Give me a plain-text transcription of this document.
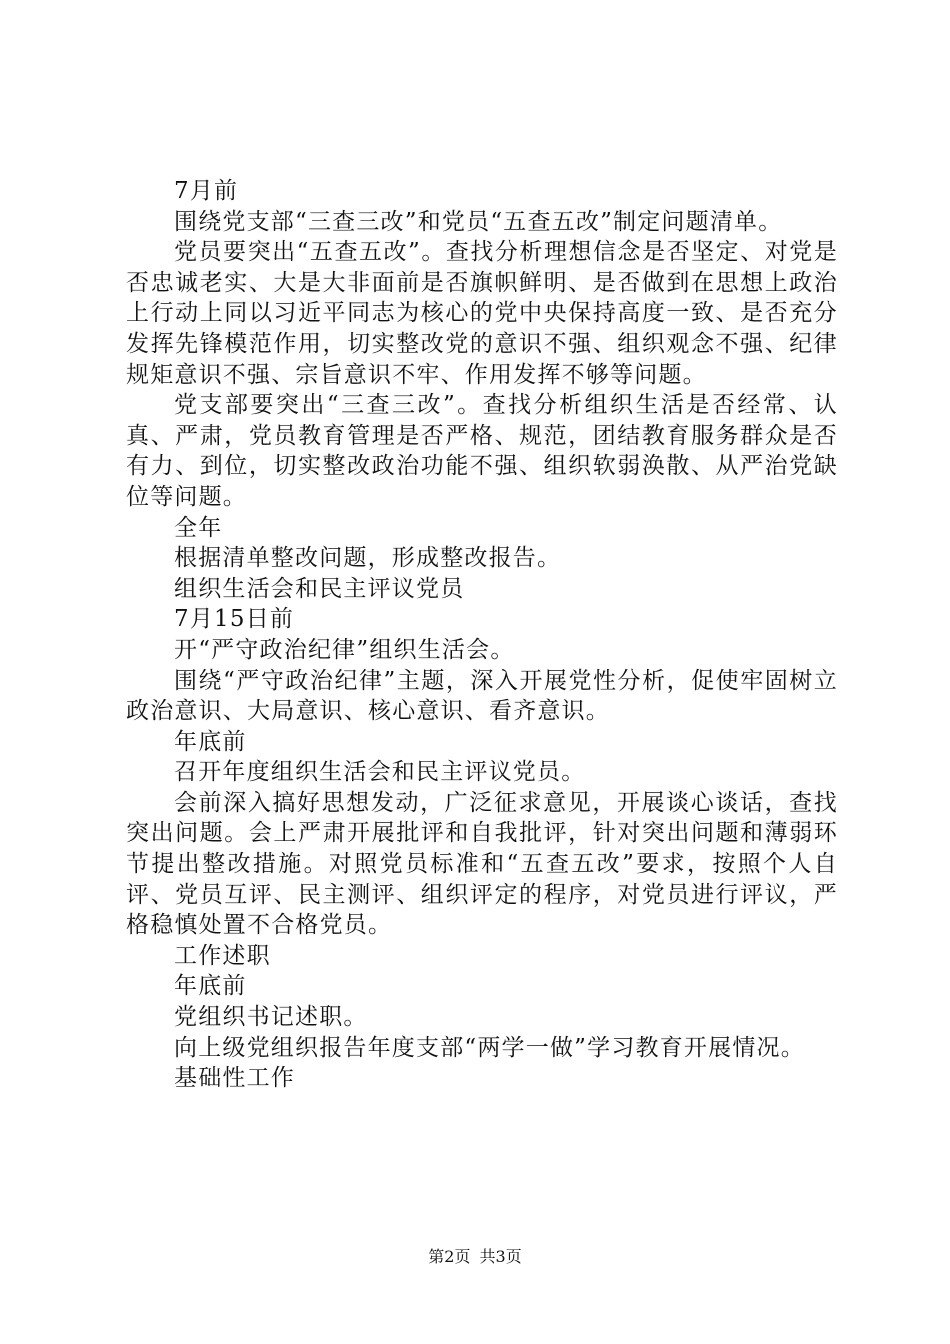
7月前

围绕党支部“三查三改”和党员“五查五改”制定问题清单。

党员要突出“五查五改”。查找分析理想信念是否坚定、对党是否忠诚老实、大是大非面前是否旗帜鲜明、是否做到在思想上政治上行动上同以习近平同志为核心的党中央保持高度一致、是否充分发挥先锋模范作用，切实整改党的意识不强、组织观念不强、纪律规矩意识不强、宗旨意识不牢、作用发挥不够等问题。

党支部要突出“三查三改”。查找分析组织生活是否经常、认真、严肃，党员教育管理是否严格、规范，团结教育服务群众是否有力、到位，切实整改政治功能不强、组织软弱涣散、从严治党缺位等问题。

全年

根据清单整改问题，形成整改报告。

组织生活会和民主评议党员

7月15日前

开“严守政治纪律”组织生活会。

围绕“严守政治纪律”主题，深入开展党性分析，促使牢固树立政治意识、大局意识、核心意识、看齐意识。

年底前

召开年度组织生活会和民主评议党员。

会前深入搞好思想发动，广泛征求意见，开展谈心谈话，查找突出问题。会上严肃开展批评和自我批评，针对突出问题和薄弱环节提出整改措施。对照党员标准和“五查五改”要求，按照个人自评、党员互评、民主测评、组织评定的程序，对党员进行评议，严格稳慎处置不合格党员。

工作述职

年底前

党组织书记述职。

向上级党组织报告年度支部“两学一做”学习教育开展情况。

基础性工作

第2页 共3页
